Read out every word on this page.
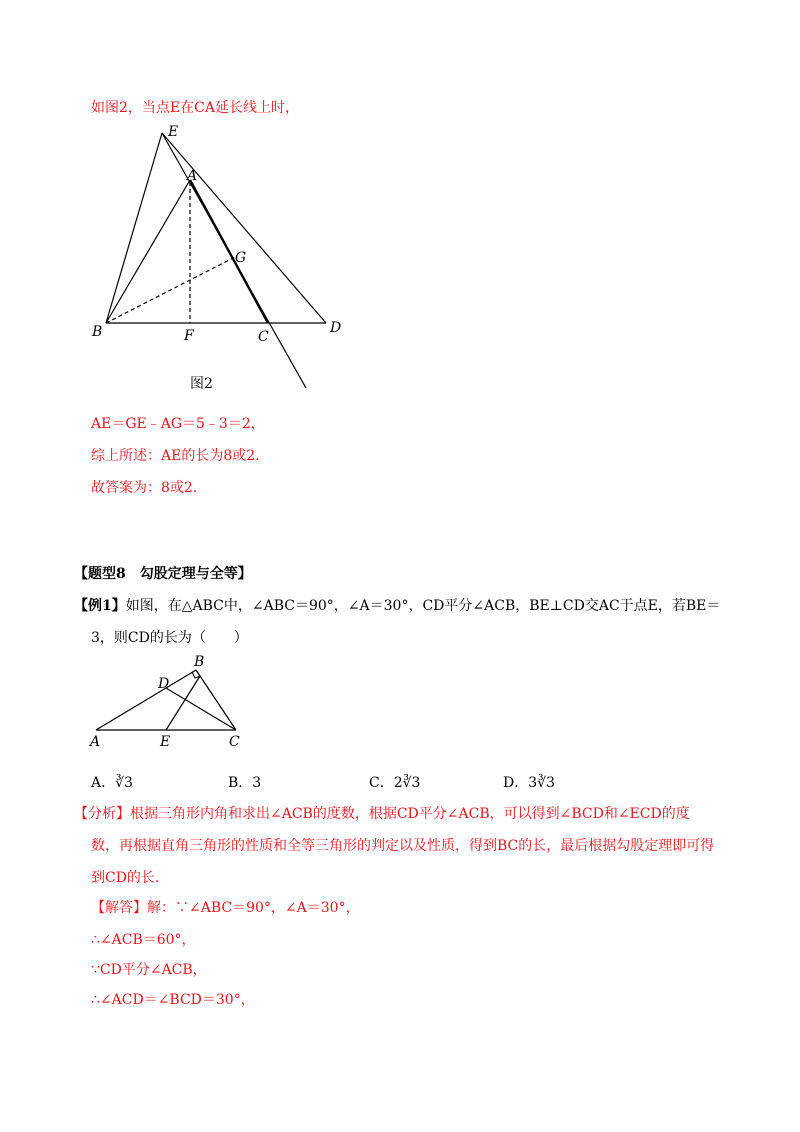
如图2，当点E在CA延长线上时，
E
A
G
B	F	C
D
图2
AE＝GE﹣AG＝5﹣3＝2，
综上所述：AE的长为8或2．
故答案为：8或2．
【题型8　勾股定理与全等】
【例1】如图，在△ABC中，∠ABC＝90°，∠A＝30°，CD平分∠ACB，BE⊥CD交AC于点E，若BE＝
3，则CD的长为（　　）
A
B
C
D
E
A．∛3	B．3	C．2∛3	D．3∛3
【分析】根据三角形内角和求出∠ACB的度数，根据CD平分∠ACB，可以得到∠BCD和∠ECD的度
数，再根据直角三角形的性质和全等三角形的判定以及性质，得到BC的长，最后根据勾股定理即可得
到CD的长．
【解答】解：∵∠ABC＝90°，∠A＝30°，
∴∠ACB＝60°，
∵CD平分∠ACB，
∴∠ACD＝∠BCD＝30°，
